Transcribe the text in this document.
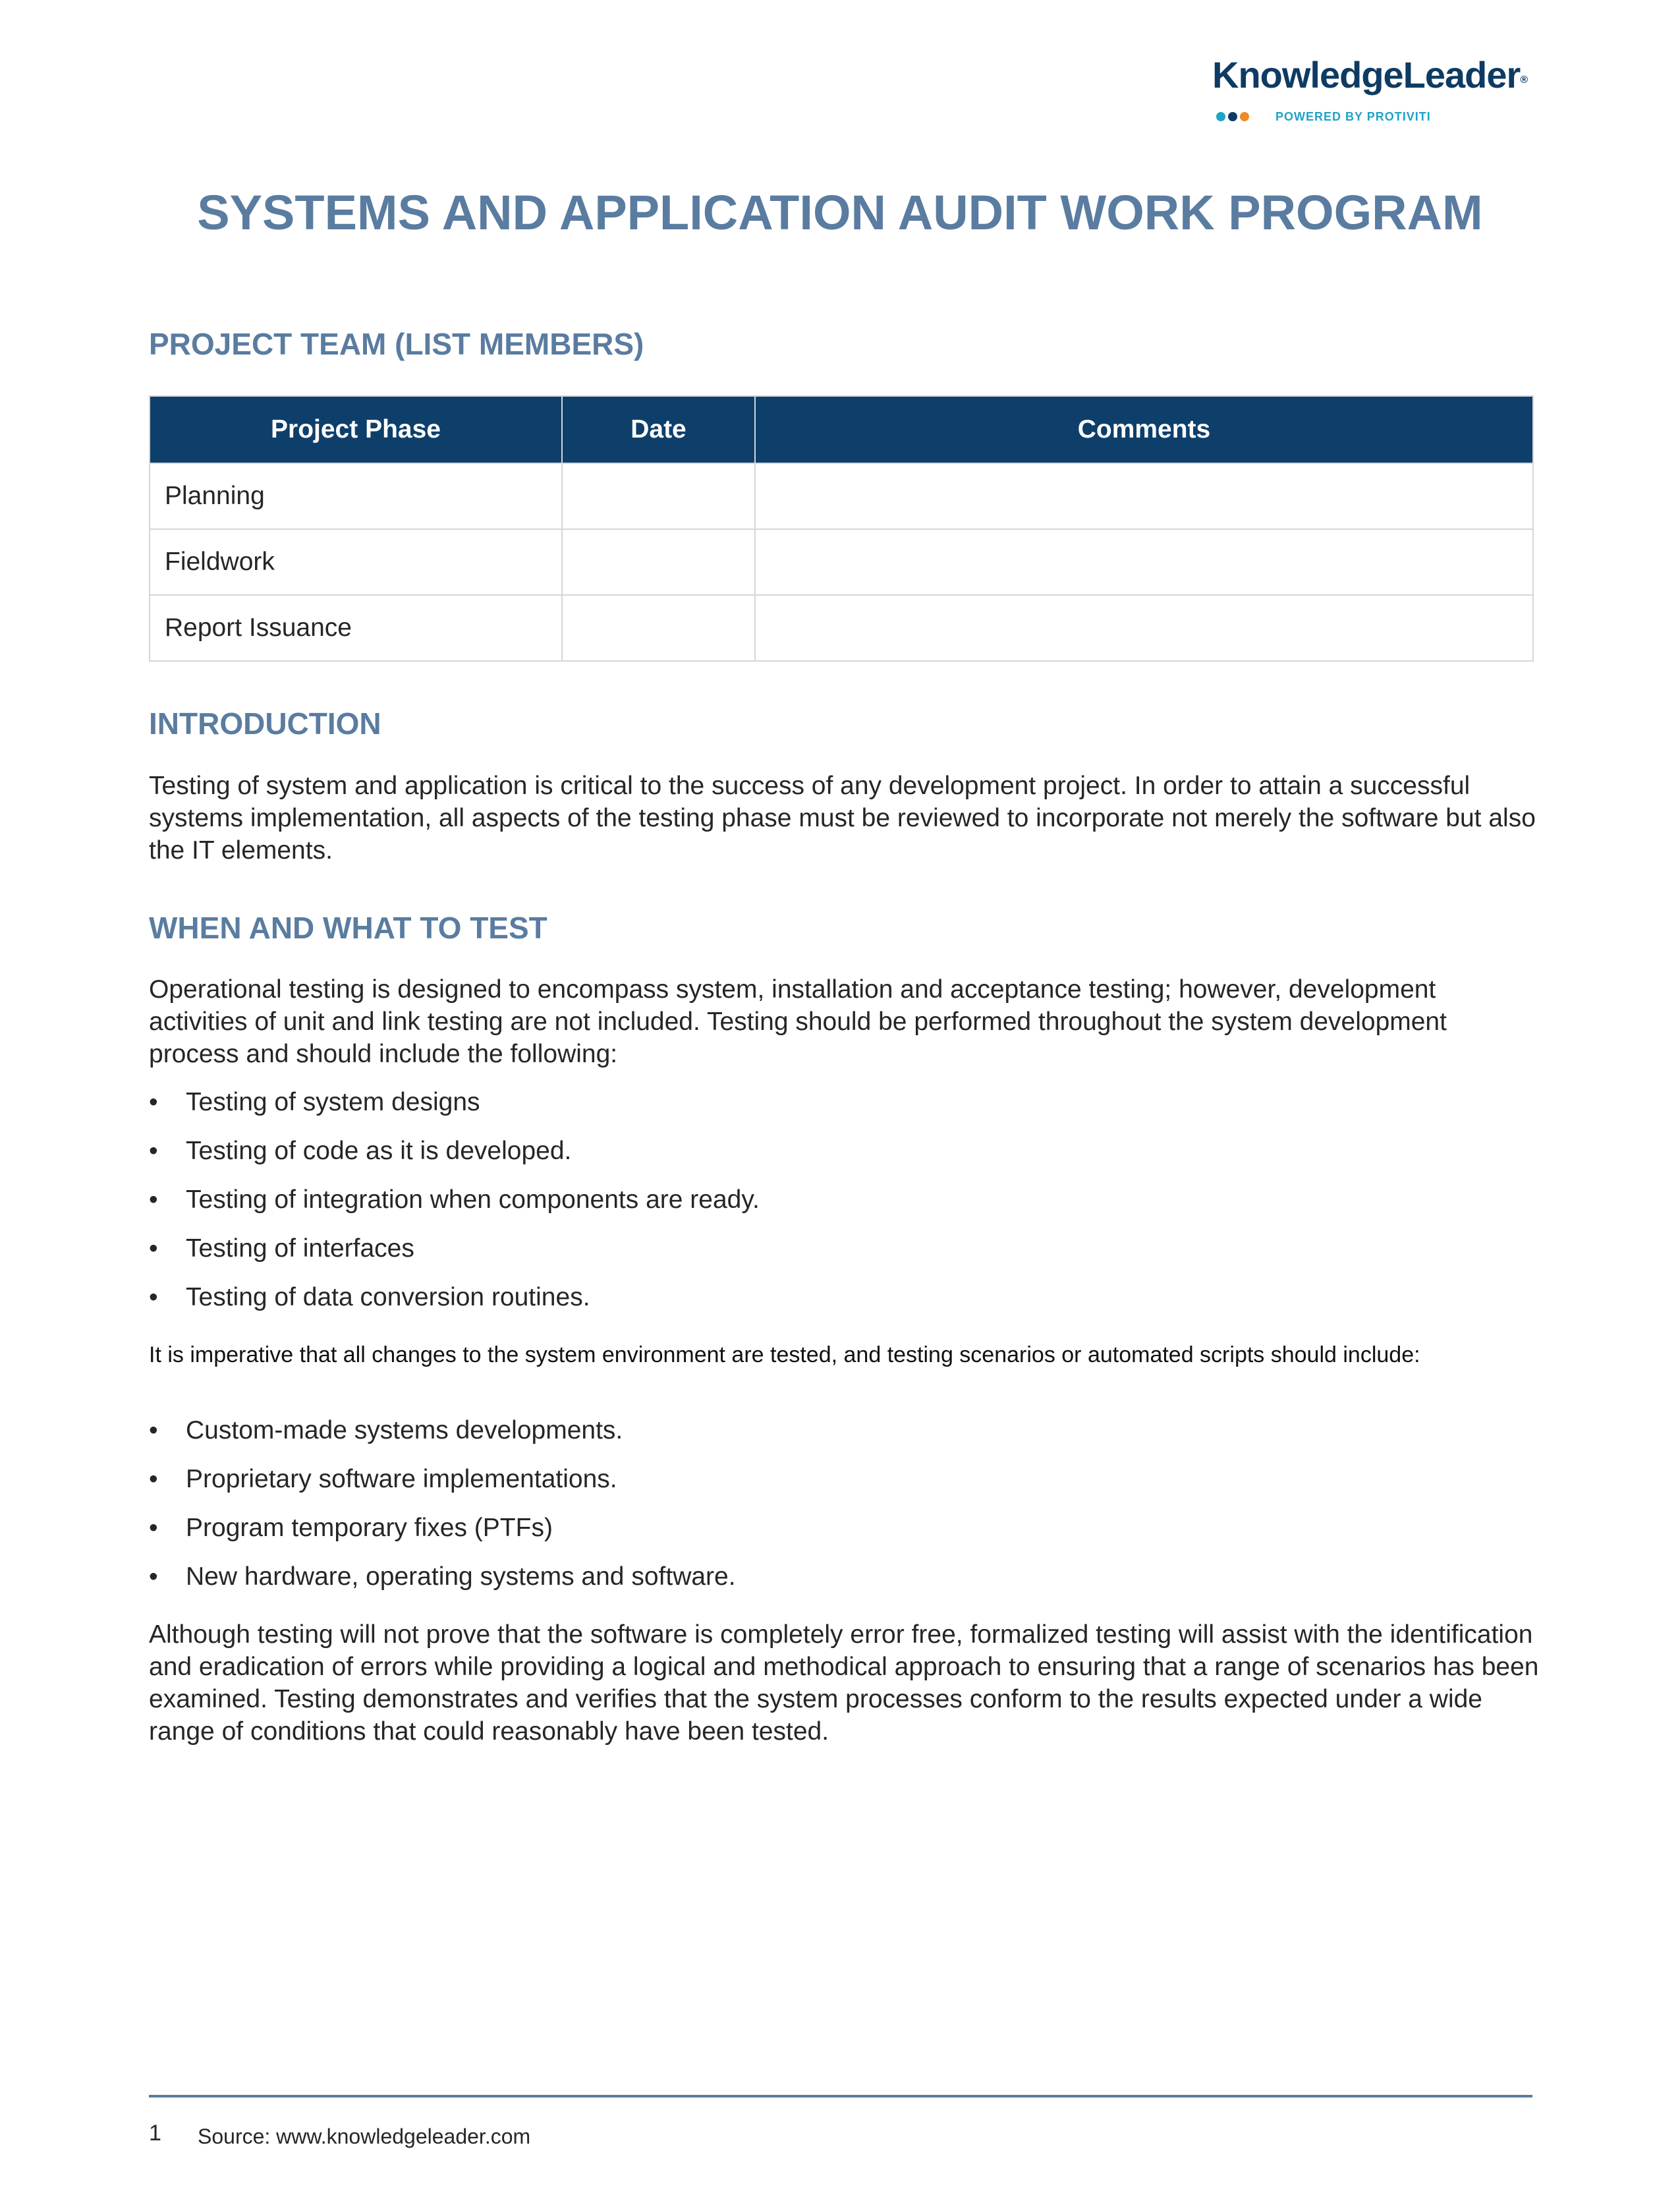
KnowledgeLeader®
POWERED BY PROTIVITI
SYSTEMS AND APPLICATION AUDIT WORK PROGRAM
PROJECT TEAM (LIST MEMBERS)
Project Phase	Date	Comments
Planning		
Fieldwork		
Report Issuance		
INTRODUCTION

Testing of system and application is critical to the success of any development project. In order to attain a successful systems implementation, all aspects of the testing phase must be reviewed to incorporate not merely the software but also the IT elements.

WHEN AND WHAT TO TEST

Operational testing is designed to encompass system, installation and acceptance testing; however, development activities of unit and link testing are not included. Testing should be performed throughout the system development process and should include the following:

• Testing of system designs
• Testing of code as it is developed.
• Testing of integration when components are ready.
• Testing of interfaces
• Testing of data conversion routines.

It is imperative that all changes to the system environment are tested, and testing scenarios or automated scripts should include:

• Custom-made systems developments.
• Proprietary software implementations.
• Program temporary fixes (PTFs)
• New hardware, operating systems and software.

Although testing will not prove that the software is completely error free, formalized testing will assist with the identification and eradication of errors while providing a logical and methodical approach to ensuring that a range of scenarios has been examined. Testing demonstrates and verifies that the system processes conform to the results expected under a wide range of conditions that could reasonably have been tested.

1 Source: www.knowledgeleader.com
